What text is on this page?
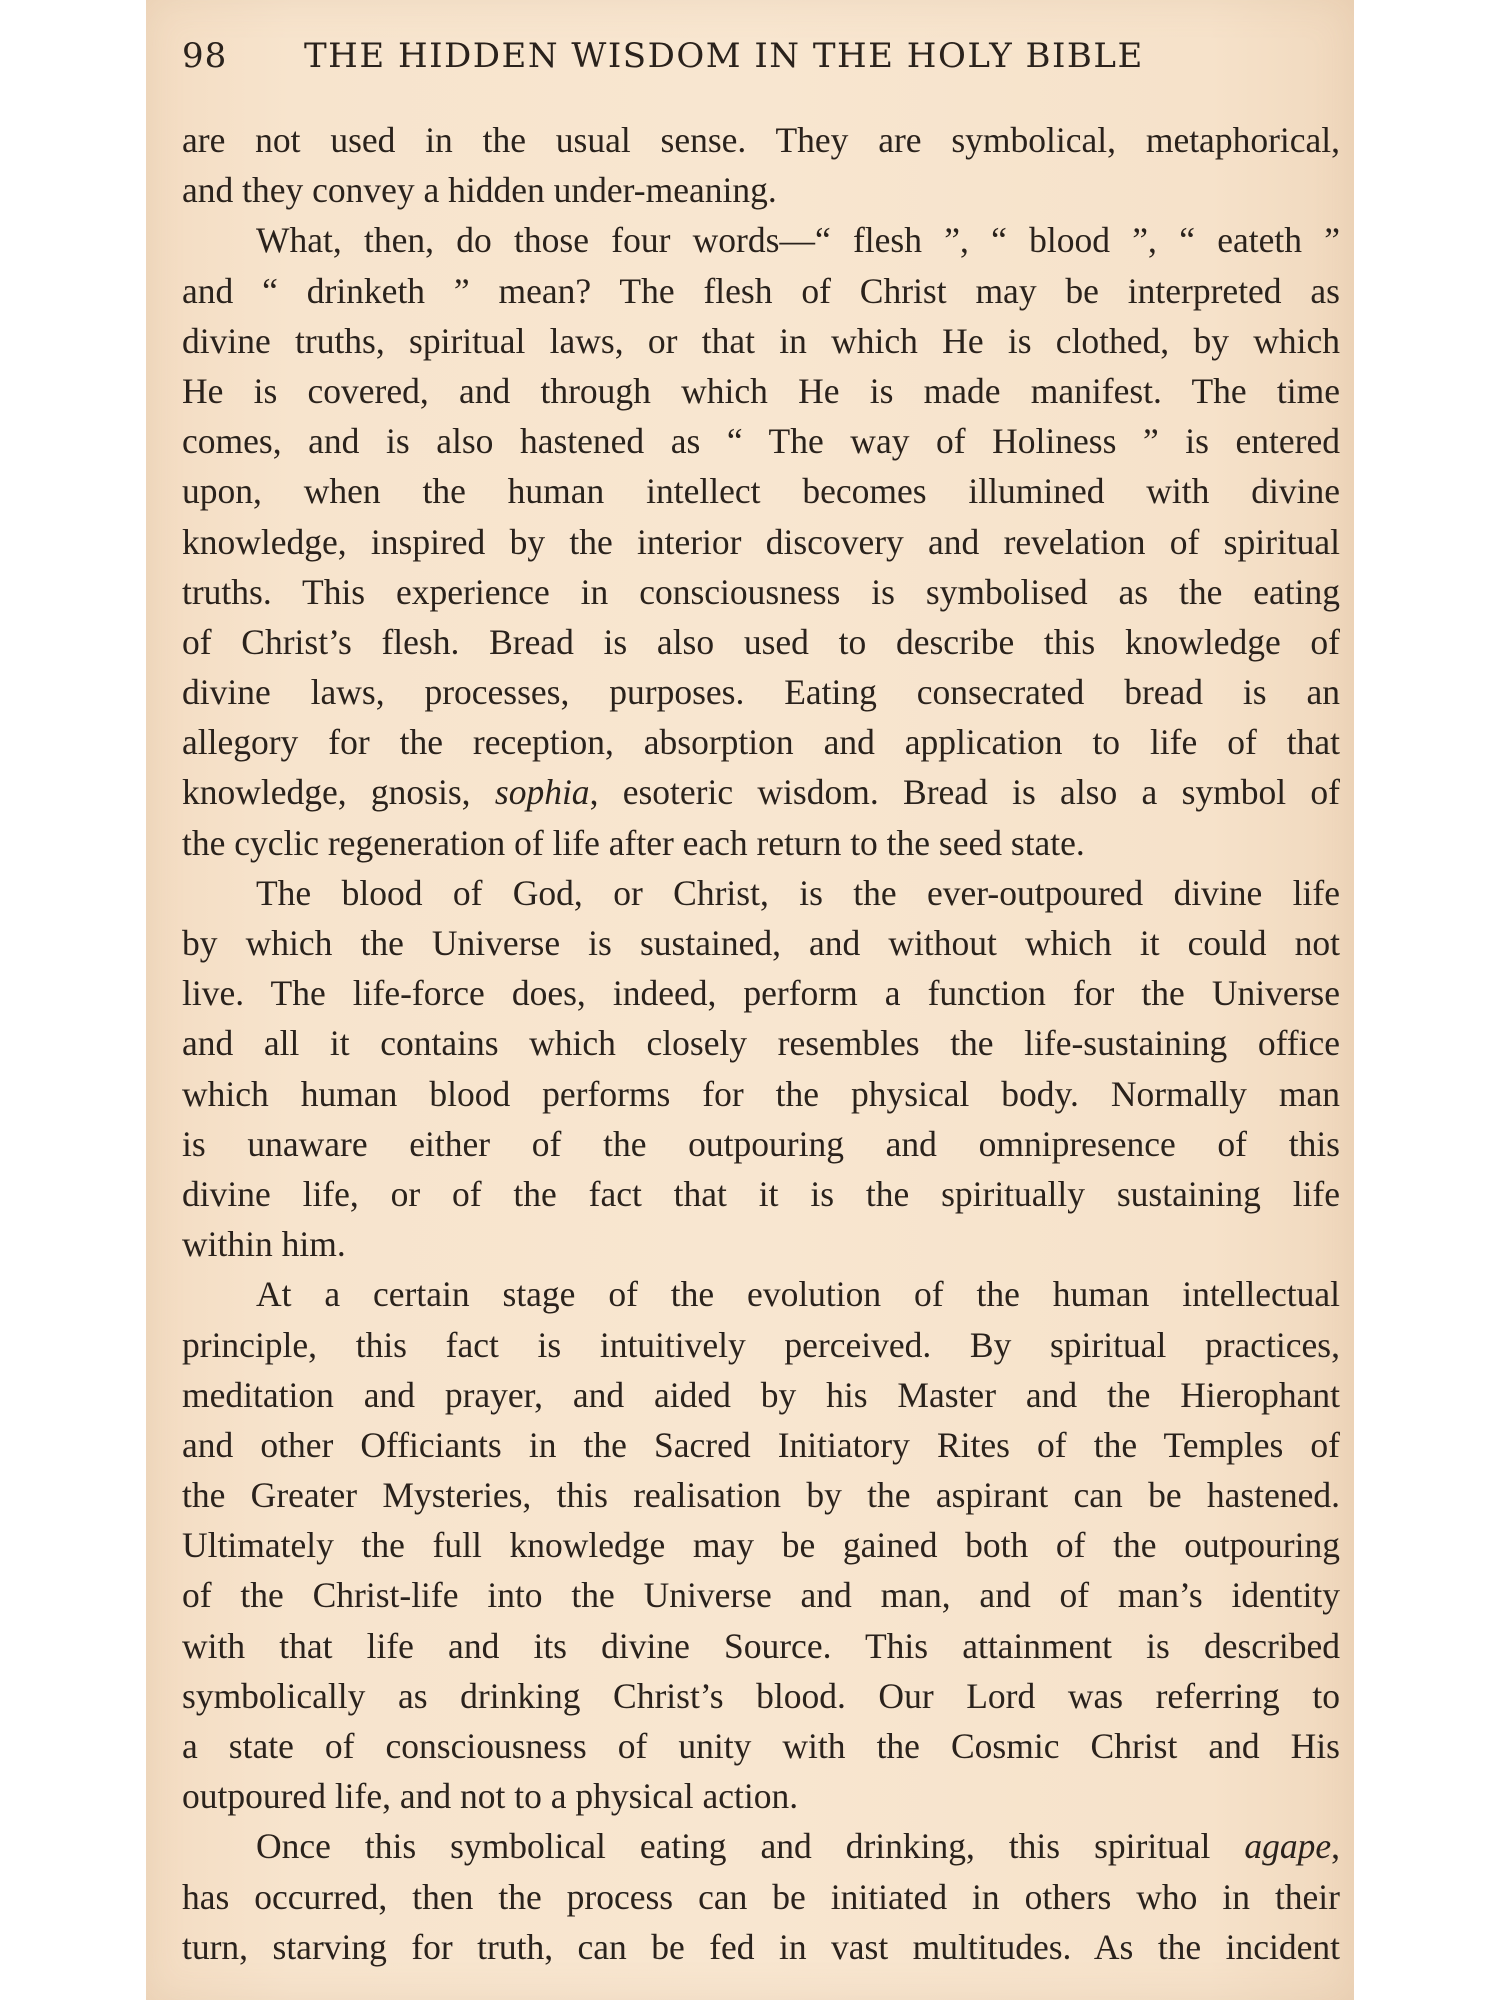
98 THE HIDDEN WISDOM IN THE HOLY BIBLE
are not used in the usual sense. They are symbolical, metaphorical,
and they convey a hidden under-meaning.
What, then, do those four words—“ flesh ”, “ blood ”, “ eateth ”
and “ drinketh ” mean? The flesh of Christ may be interpreted as
divine truths, spiritual laws, or that in which He is clothed, by which
He is covered, and through which He is made manifest. The time
comes, and is also hastened as “ The way of Holiness ” is entered
upon, when the human intellect becomes illumined with divine
knowledge, inspired by the interior discovery and revelation of spiritual
truths. This experience in consciousness is symbolised as the eating
of Christ’s flesh. Bread is also used to describe this knowledge of
divine laws, processes, purposes. Eating consecrated bread is an
allegory for the reception, absorption and application to life of that
knowledge, gnosis, sophia, esoteric wisdom. Bread is also a symbol of
the cyclic regeneration of life after each return to the seed state.
The blood of God, or Christ, is the ever-outpoured divine life
by which the Universe is sustained, and without which it could not
live. The life-force does, indeed, perform a function for the Universe
and all it contains which closely resembles the life-sustaining office
which human blood performs for the physical body. Normally man
is unaware either of the outpouring and omnipresence of this
divine life, or of the fact that it is the spiritually sustaining life
within him.
At a certain stage of the evolution of the human intellectual
principle, this fact is intuitively perceived. By spiritual practices,
meditation and prayer, and aided by his Master and the Hierophant
and other Officiants in the Sacred Initiatory Rites of the Temples of
the Greater Mysteries, this realisation by the aspirant can be hastened.
Ultimately the full knowledge may be gained both of the outpouring
of the Christ-life into the Universe and man, and of man’s identity
with that life and its divine Source. This attainment is described
symbolically as drinking Christ’s blood. Our Lord was referring to
a state of consciousness of unity with the Cosmic Christ and His
outpoured life, and not to a physical action.
Once this symbolical eating and drinking, this spiritual agape,
has occurred, then the process can be initiated in others who in their
turn, starving for truth, can be fed in vast multitudes. As the incident
